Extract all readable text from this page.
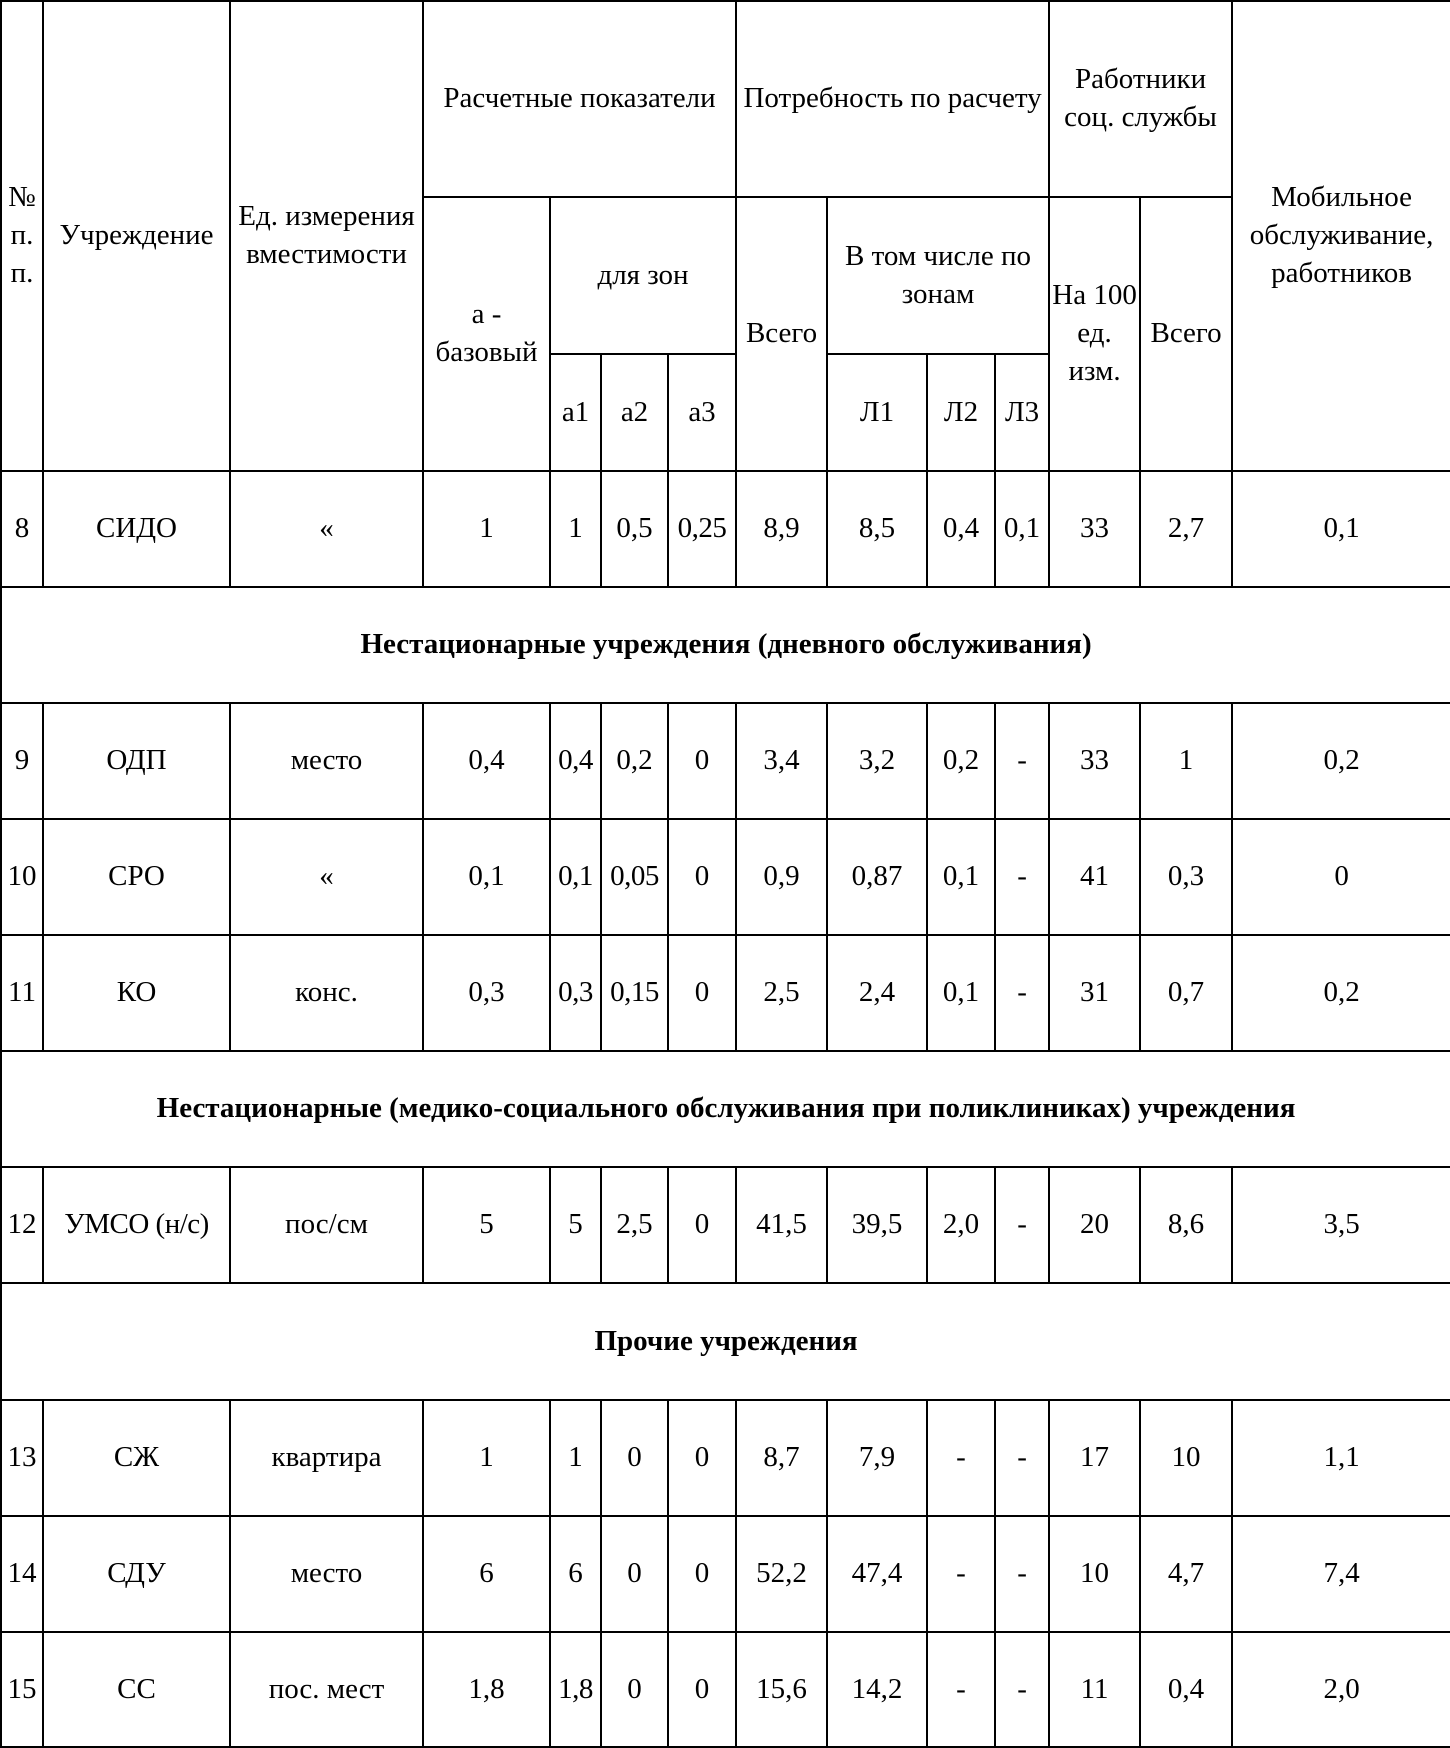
№ п. п.	Учреждение	Ед. измерения вместимости	Расчетные показатели				Потребность по расчету				Работники соц. службы		Мобильное обслуживание, работников
			а - базовый	для зон			Всего	В том числе по зонам			На 100 ед. изм.	Всего	
				а1	а2	а3		Л1	Л2	Л3			
8	СИДО	«	1	1	0,5	0,25	8,9	8,5	0,4	0,1	33	2,7	0,1
Нестационарные учреждения (дневного обслуживания)													
9	ОДП	место	0,4	0,4	0,2	0	3,4	3,2	0,2	-	33	1	0,2
10	СРО	«	0,1	0,1	0,05	0	0,9	0,87	0,1	-	41	0,3	0
11	КО	конс.	0,3	0,3	0,15	0	2,5	2,4	0,1	-	31	0,7	0,2
Нестационарные (медико-социального обслуживания при поликлиниках) учреждения													
12	УМСО (н/с)	пос/см	5	5	2,5	0	41,5	39,5	2,0	-	20	8,6	3,5
Прочие учреждения													
13	СЖ	квартира	1	1	0	0	8,7	7,9	-	-	17	10	1,1
14	СДУ	место	6	6	0	0	52,2	47,4	-	-	10	4,7	7,4
15	СС	пос. мест	1,8	1,8	0	0	15,6	14,2	-	-	11	0,4	2,0
